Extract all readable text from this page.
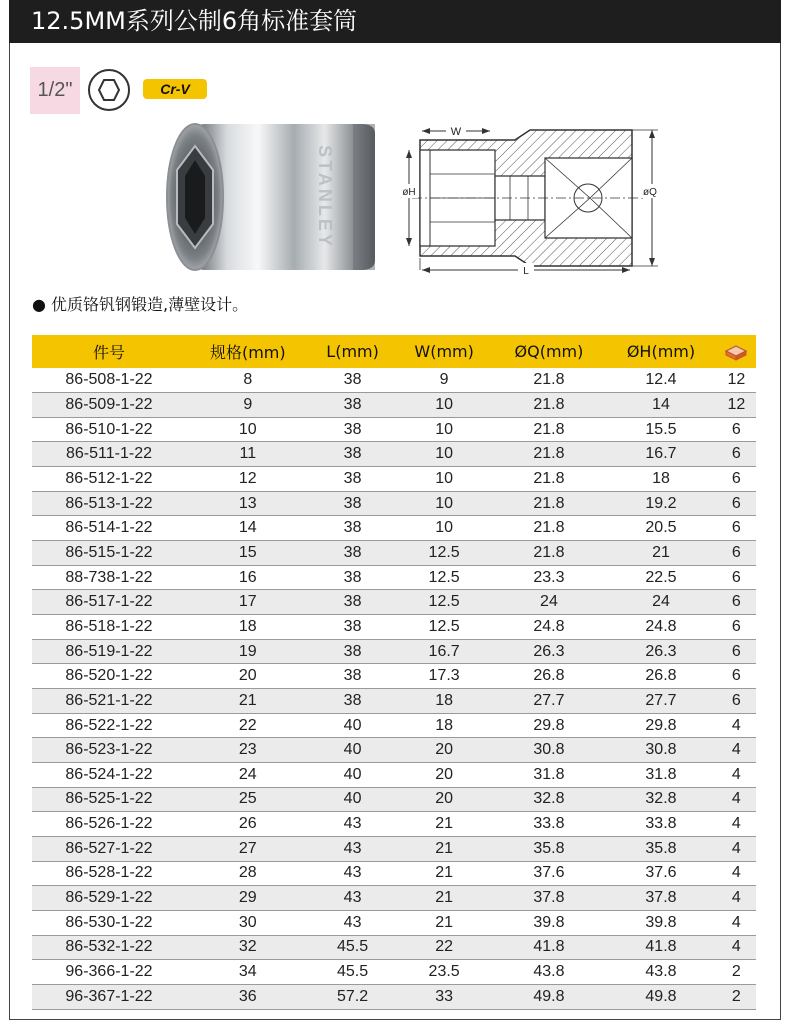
12.5MM系列公制6角标准套筒
1/2"	Cr-V
STANLEY
W
øH	øQ
L
● 优质铬钒钢锻造,薄壁设计。
件号	规格(mm)	L(mm)	W(mm)	ØQ(mm)	ØH(mm)	
86-508-1-22	8	38	9	21.8	12.4	12
86-509-1-22	9	38	10	21.8	14	12
86-510-1-22	10	38	10	21.8	15.5	6
86-511-1-22	11	38	10	21.8	16.7	6
86-512-1-22	12	38	10	21.8	18	6
86-513-1-22	13	38	10	21.8	19.2	6
86-514-1-22	14	38	10	21.8	20.5	6
86-515-1-22	15	38	12.5	21.8	21	6
88-738-1-22	16	38	12.5	23.3	22.5	6
86-517-1-22	17	38	12.5	24	24	6
86-518-1-22	18	38	12.5	24.8	24.8	6
86-519-1-22	19	38	16.7	26.3	26.3	6
86-520-1-22	20	38	17.3	26.8	26.8	6
86-521-1-22	21	38	18	27.7	27.7	6
86-522-1-22	22	40	18	29.8	29.8	4
86-523-1-22	23	40	20	30.8	30.8	4
86-524-1-22	24	40	20	31.8	31.8	4
86-525-1-22	25	40	20	32.8	32.8	4
86-526-1-22	26	43	21	33.8	33.8	4
86-527-1-22	27	43	21	35.8	35.8	4
86-528-1-22	28	43	21	37.6	37.6	4
86-529-1-22	29	43	21	37.8	37.8	4
86-530-1-22	30	43	21	39.8	39.8	4
86-532-1-22	32	45.5	22	41.8	41.8	4
96-366-1-22	34	45.5	23.5	43.8	43.8	2
96-367-1-22	36	57.2	33	49.8	49.8	2
